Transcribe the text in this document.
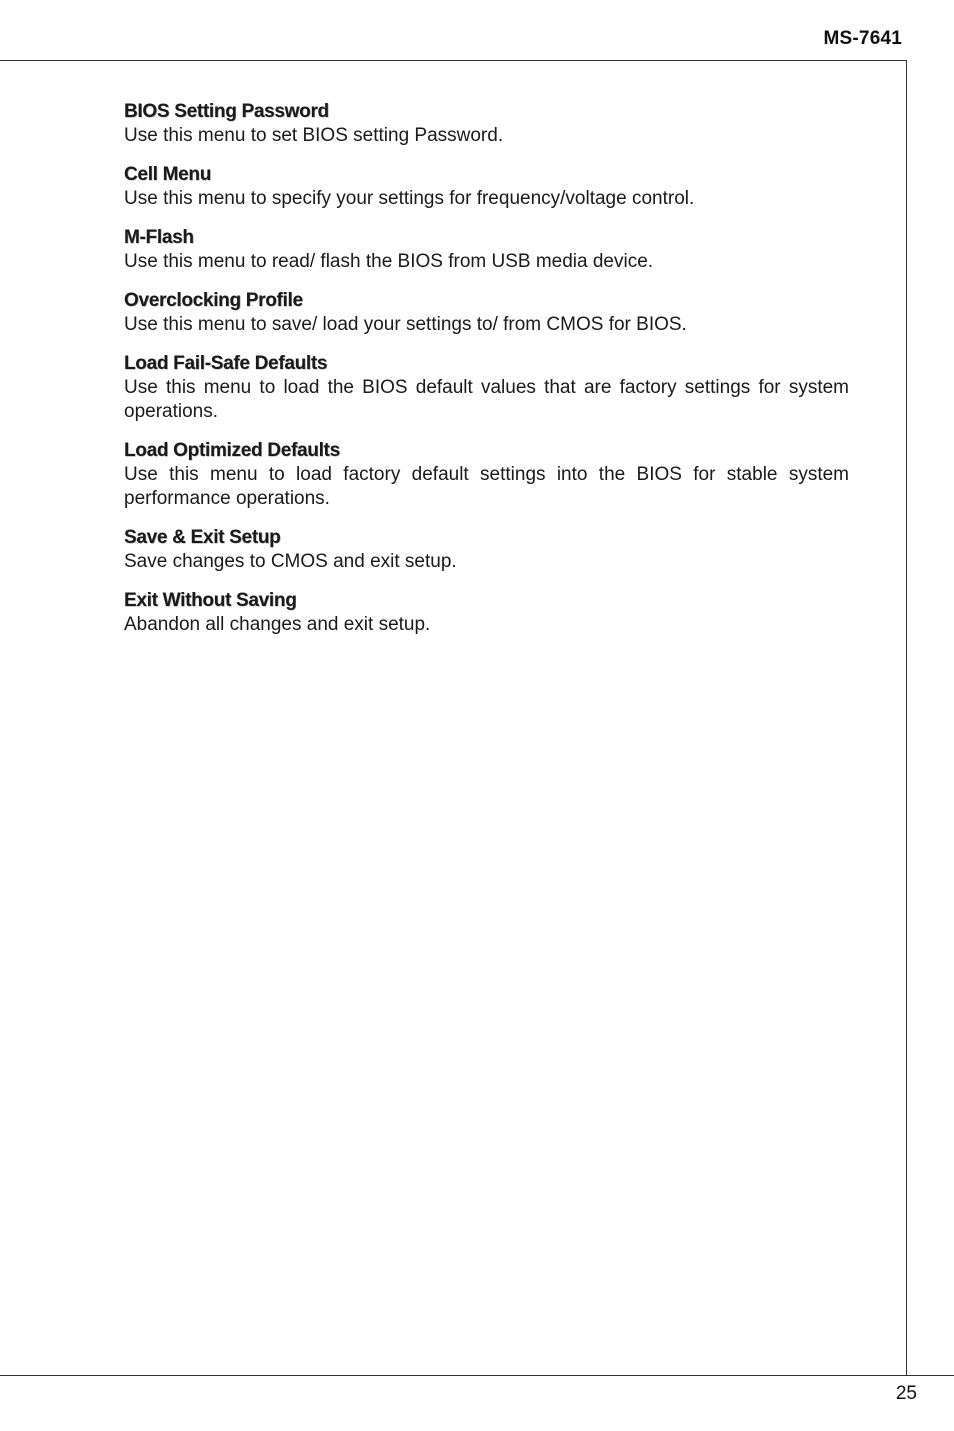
MS-7641
BIOS Setting Password
Use this menu to set BIOS setting Password.
Cell Menu
Use this menu to specify your settings for frequency/voltage control.
M-Flash
Use this menu to read/ flash the BIOS from USB media device.
Overclocking Profile
Use this menu to save/ load your settings to/ from CMOS for BIOS.
Load Fail-Safe Defaults
Use this menu to load the BIOS default values that are factory settings for system operations.
Load Optimized Defaults
Use this menu to load factory default settings into the BIOS for stable system performance operations.
Save & Exit Setup
Save changes to CMOS and exit setup.
Exit Without Saving
Abandon all changes and exit setup.
25
